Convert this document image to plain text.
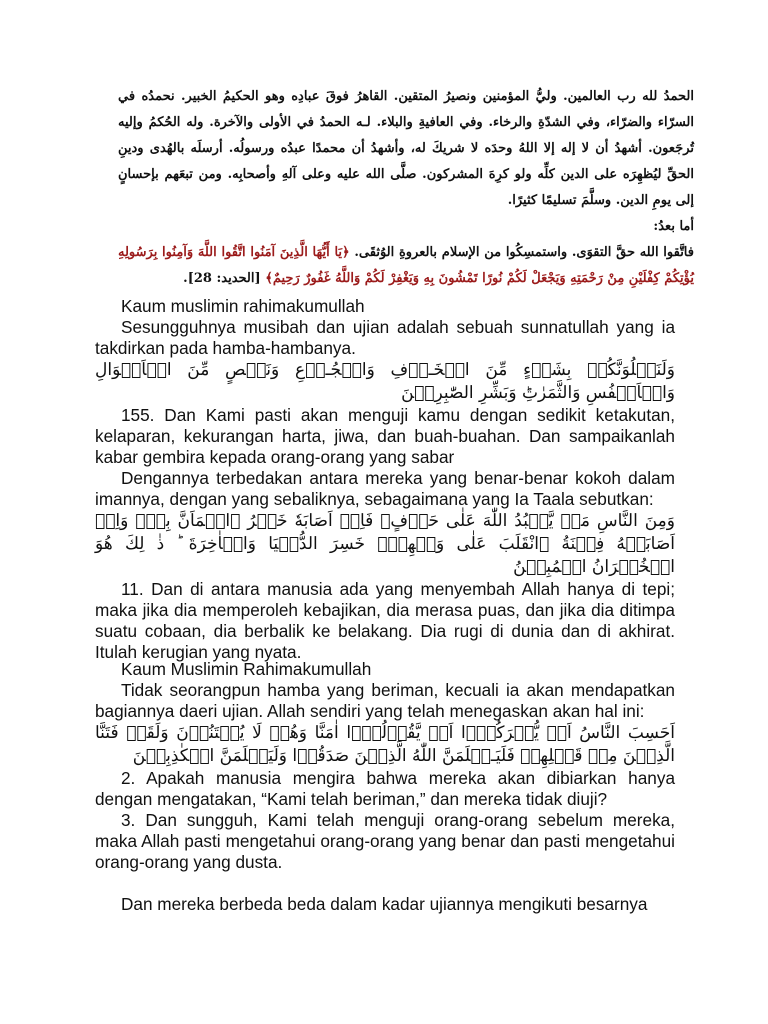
الحمدُ لله رب العالمين. وليُّ المؤمنين ونصيرُ المتقين. القاهرُ فوقَ عبادِه وهو الحكيمُ الخبير. نحمدُه في السرّاء والضرّاء، وفي الشدّةِ والرخاء. وفي العافيةِ والبلاء. لـه الحمدُ في الأولى والآخرة. وله الحُكمُ وإليه تُرجَعون. أشهدُ أن لا إله إلا اللهُ وحدَه لا شريكَ له، وأشهدُ أن محمدًا عبدُه ورسولُه. أرسلَه بالهُدى ودينِ الحقِّ ليُظهِرَه على الدين كلِّه ولو كرِهَ المشركون. صلَّى الله عليه وعلى آلهِ وأصحابِه. ومن تبعَهم بإحسانٍ إلى يومِ الدين. وسلَّمَ تسليمًا كثيرًا.

أما بعدُ:

فاتَّقوا الله حقَّ التقوَى. واستمسِكُوا من الإسلام بالعروةِ الوُثقَى. ﴿يَا أَيُّهَا الَّذِينَ آمَنُوا اتَّقُوا اللَّهَ وَآمِنُوا بِرَسُولِهِ يُؤْتِكُمْ كِفْلَيْنِ مِنْ رَحْمَتِهِ وَيَجْعَلْ لَكُمْ نُورًا تَمْشُونَ بِهِ وَيَغْفِرْ لَكُمْ وَاللَّهُ غَفُورٌ رَحِيمٌ﴾ [الحديد: 28].

Kaum muslimin rahimakumullah

Sesungguhnya musibah dan ujian adalah sebuah sunnatullah yang ia takdirkan pada hamba-hambanya.

وَلَنَبۡلُوَنَّكُمۡ بِشَىۡءٍ مِّنَ الۡخَـوۡفِ وَالۡجُـوۡعِ وَنَقۡصٍ مِّنَ الۡاَمۡوَالِ وَالۡاَنۡفُسِ وَالثَّمَرٰتِ‌ؕ وَبَشِّرِ الصّٰبِرِيۡنَ

155. Dan Kami pasti akan menguji kamu dengan sedikit ketakutan, kelaparan, kekurangan harta, jiwa, dan buah-buahan. Dan sampaikanlah kabar gembira kepada orang-orang yang sabar

Dengannya terbedakan antara mereka yang benar-benar kokoh dalam imannya, dengan yang sebaliknya, sebagaimana yang Ia Taala sebutkan:

وَمِنَ النَّاسِ مَنۡ يَّعۡبُدُ اللّٰهَ عَلٰى حَرۡفٍ‌ۚ فَاِنۡ اَصَابَهٗ خَيۡرُ ۨاطۡمَاَنَّ بِهٖ‌ۚ وَاِنۡ اَصَابَتۡهُ فِتۡنَةُ ۨانْقَلَبَ عَلٰى وَجۡهِهٖ‌ۚ خَسِرَ الدُّنۡيَا وَالۡاٰخِرَةَ‌ ؕ ذٰ لِكَ هُوَ الۡخُسۡرَانُ الۡمُبِيۡنُ

11. Dan di antara manusia ada yang menyembah Allah hanya di tepi; maka jika dia memperoleh kebajikan, dia merasa puas, dan jika dia ditimpa suatu cobaan, dia berbalik ke belakang. Dia rugi di dunia dan di akhirat. Itulah kerugian yang nyata.

Kaum Muslimin Rahimakumullah

Tidak seorangpun hamba yang beriman, kecuali ia akan mendapatkan bagiannya daeri ujian. Allah sendiri yang telah menegaskan akan hal ini:

اَحَسِبَ النَّاسُ اَنۡ يُّتۡرَكُوۡۤا اَنۡ يَّقُوۡلُوۡۤا اٰمَنَّا وَهُمۡ لَا يُفۡتَنُوۡنَ وَلَقَدۡ فَتَنَّا الَّذِيۡنَ مِنۡ قَبۡلِهِمۡ‌ فَلَيَـعۡلَمَنَّ اللّٰهُ الَّذِيۡنَ صَدَقُوۡا وَلَيَعۡلَمَنَّ الۡكٰذِبِيۡنَ

2. Apakah manusia mengira bahwa mereka akan dibiarkan hanya dengan mengatakan, “Kami telah beriman,” dan mereka tidak diuji?

3. Dan sungguh, Kami telah menguji orang-orang sebelum mereka, maka Allah pasti mengetahui orang-orang yang benar dan pasti mengetahui orang-orang yang dusta.

Dan mereka berbeda beda dalam kadar ujiannya mengikuti besarnya
